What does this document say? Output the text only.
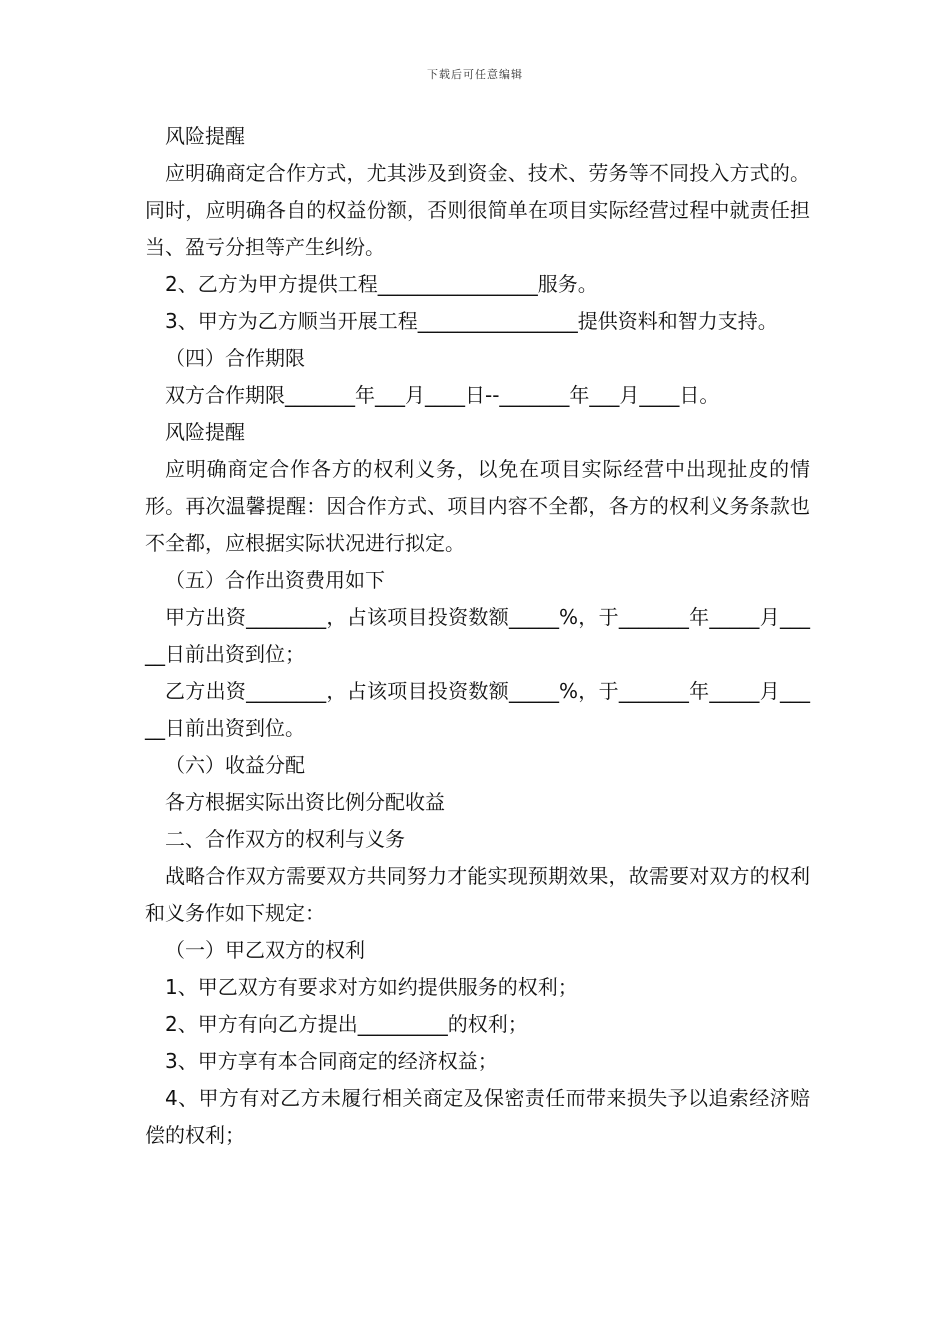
下载后可任意编辑

风险提醒

应明确商定合作方式，尤其涉及到资金、技术、劳务等不同投入方式的。同时，应明确各自的权益份额，否则很简单在项目实际经营过程中就责任担当、盈亏分担等产生纠纷。

2、乙方为甲方提供工程________________服务。

3、甲方为乙方顺当开展工程________________提供资料和智力支持。

（四）合作期限

双方合作期限_______年___月____日--_______年___月____日。

风险提醒

应明确商定合作各方的权利义务，以免在项目实际经营中出现扯皮的情形。再次温馨提醒：因合作方式、项目内容不全都，各方的权利义务条款也不全都，应根据实际状况进行拟定。

（五）合作出资费用如下

甲方出资________，占该项目投资数额_____%，于_______年_____月_____日前出资到位；

乙方出资________，占该项目投资数额_____%，于_______年_____月_____日前出资到位。

（六）收益分配

各方根据实际出资比例分配收益

二、合作双方的权利与义务

战略合作双方需要双方共同努力才能实现预期效果，故需要对双方的权利和义务作如下规定：

（一）甲乙双方的权利

1、甲乙双方有要求对方如约提供服务的权利；

2、甲方有向乙方提出_________的权利；

3、甲方享有本合同商定的经济权益；

4、甲方有对乙方未履行相关商定及保密责任而带来损失予以追索经济赔偿的权利；
